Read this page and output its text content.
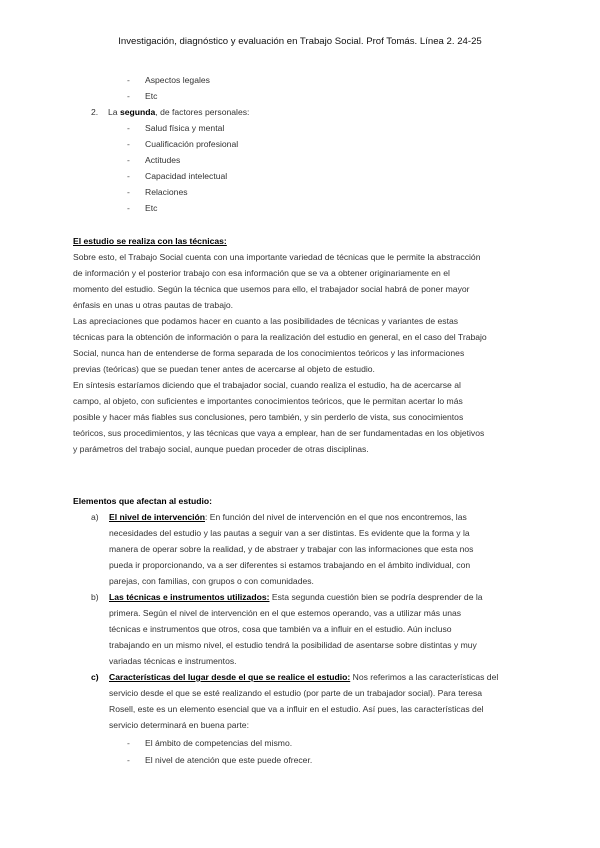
Investigación, diagnóstico y evaluación en Trabajo Social. Prof Tomás. Línea 2. 24-25
- Aspectos legales
- Etc
2. La segunda, de factores personales:
- Salud física y mental
- Cualificación profesional
- Actitudes
- Capacidad intelectual
- Relaciones
- Etc
El estudio se realiza con las técnicas:
Sobre esto, el Trabajo Social cuenta con una importante variedad de técnicas que le permite la abstracción
de información y el posterior trabajo con esa información que se va a obtener originariamente en el
momento del estudio. Según la técnica que usemos para ello, el trabajador social habrá de poner mayor
énfasis en unas u otras pautas de trabajo.
Las apreciaciones que podamos hacer en cuanto a las posibilidades de técnicas y variantes de estas
técnicas para la obtención de información o para la realización del estudio en general, en el caso del Trabajo
Social, nunca han de entenderse de forma separada de los conocimientos teóricos y las informaciones
previas (teóricas) que se puedan tener antes de acercarse al objeto de estudio.
En síntesis estaríamos diciendo que el trabajador social, cuando realiza el estudio, ha de acercarse al
campo, al objeto, con suficientes e importantes conocimientos teóricos, que le permitan acertar lo más
posible y hacer más fiables sus conclusiones, pero también, y sin perderlo de vista, sus conocimientos
teóricos, sus procedimientos, y las técnicas que vaya a emplear, han de ser fundamentadas en los objetivos
y parámetros del trabajo social, aunque puedan proceder de otras disciplinas.
Elementos que afectan al estudio:
a) El nivel de intervención: En función del nivel de intervención en el que nos encontremos, las
necesidades del estudio y las pautas a seguir van a ser distintas. Es evidente que la forma y la
manera de operar sobre la realidad, y de abstraer y trabajar con las informaciones que esta nos
pueda ir proporcionando, va a ser diferentes si estamos trabajando en el ámbito individual, con
parejas, con familias, con grupos o con comunidades.
b) Las técnicas e instrumentos utilizados: Esta segunda cuestión bien se podría desprender de la
primera. Según el nivel de intervención en el que estemos operando, vas a utilizar más unas
técnicas e instrumentos que otros, cosa que también va a influir en el estudio. Aún incluso
trabajando en un mismo nivel, el estudio tendrá la posibilidad de asentarse sobre distintas y muy
variadas técnicas e instrumentos.
c) Características del lugar desde el que se realice el estudio: Nos referimos a las características del
servicio desde el que se esté realizando el estudio (por parte de un trabajador social). Para teresa
Rosell, este es un elemento esencial que va a influir en el estudio. Así pues, las características del
servicio determinará en buena parte:
- El ámbito de competencias del mismo.
- El nivel de atención que este puede ofrecer.
